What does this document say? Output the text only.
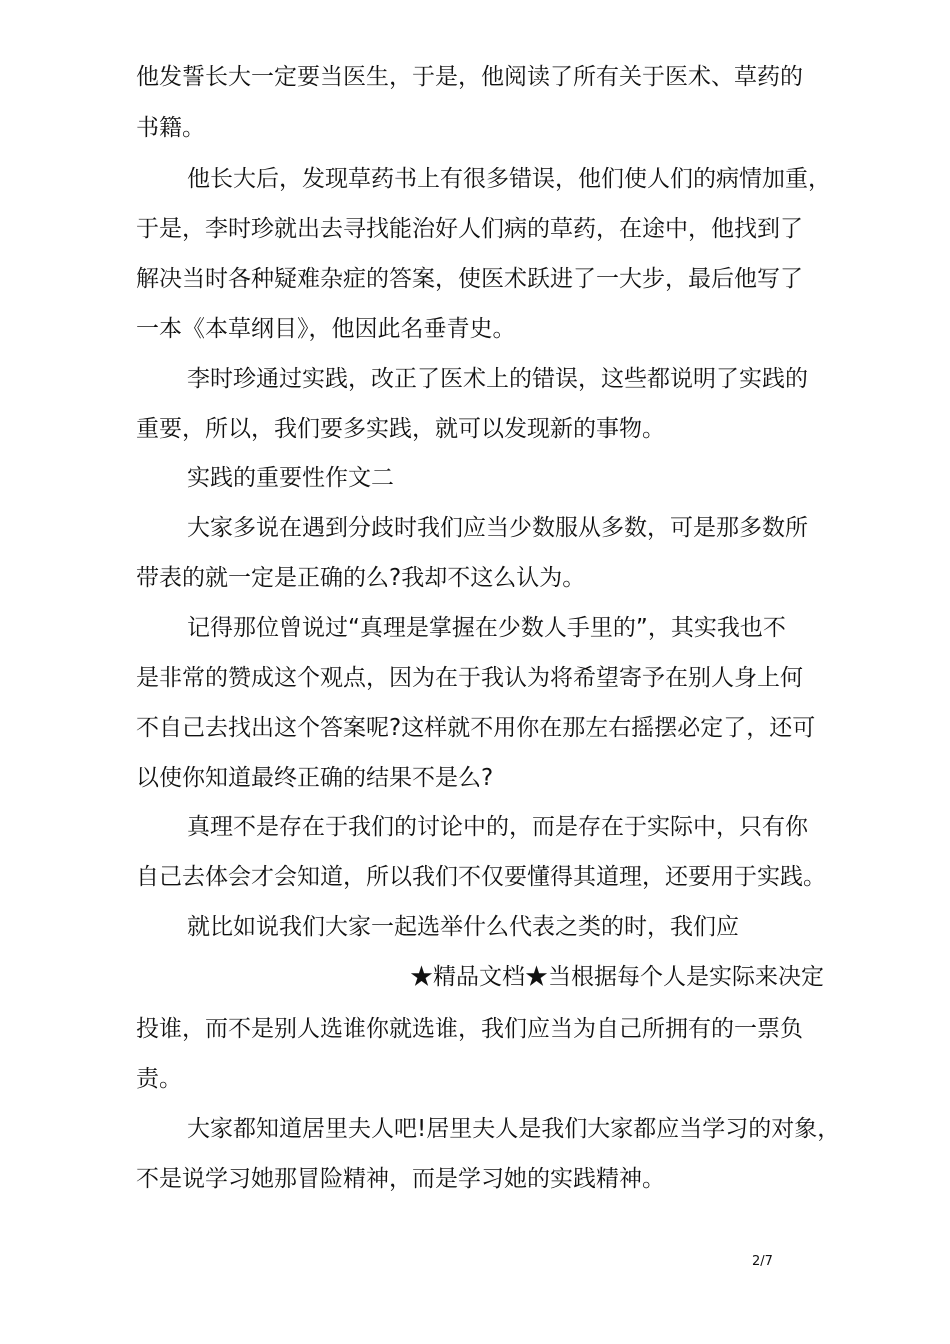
他发誓长大一定要当医生，于是，他阅读了所有关于医术、草药的
书籍。
他长大后，发现草药书上有很多错误，他们使人们的病情加重，
于是，李时珍就出去寻找能治好人们病的草药，在途中，他找到了
解决当时各种疑难杂症的答案，使医术跃进了一大步，最后他写了
一本《本草纲目》，他因此名垂青史。
李时珍通过实践，改正了医术上的错误，这些都说明了实践的
重要，所以，我们要多实践，就可以发现新的事物。
实践的重要性作文二
大家多说在遇到分歧时我们应当少数服从多数，可是那多数所
带表的就一定是正确的么?我却不这么认为。
记得那位曾说过“真理是掌握在少数人手里的”，其实我也不
是非常的赞成这个观点，因为在于我认为将希望寄予在别人身上何
不自己去找出这个答案呢?这样就不用你在那左右摇摆必定了，还可
以使你知道最终正确的结果不是么?
真理不是存在于我们的讨论中的，而是存在于实际中，只有你
自己去体会才会知道，所以我们不仅要懂得其道理，还要用于实践。
就比如说我们大家一起选举什么代表之类的时，我们应
★精品文档★当根据每个人是实际来决定
投谁，而不是别人选谁你就选谁，我们应当为自己所拥有的一票负
责。
大家都知道居里夫人吧!居里夫人是我们大家都应当学习的对象，
不是说学习她那冒险精神，而是学习她的实践精神。
2/7
